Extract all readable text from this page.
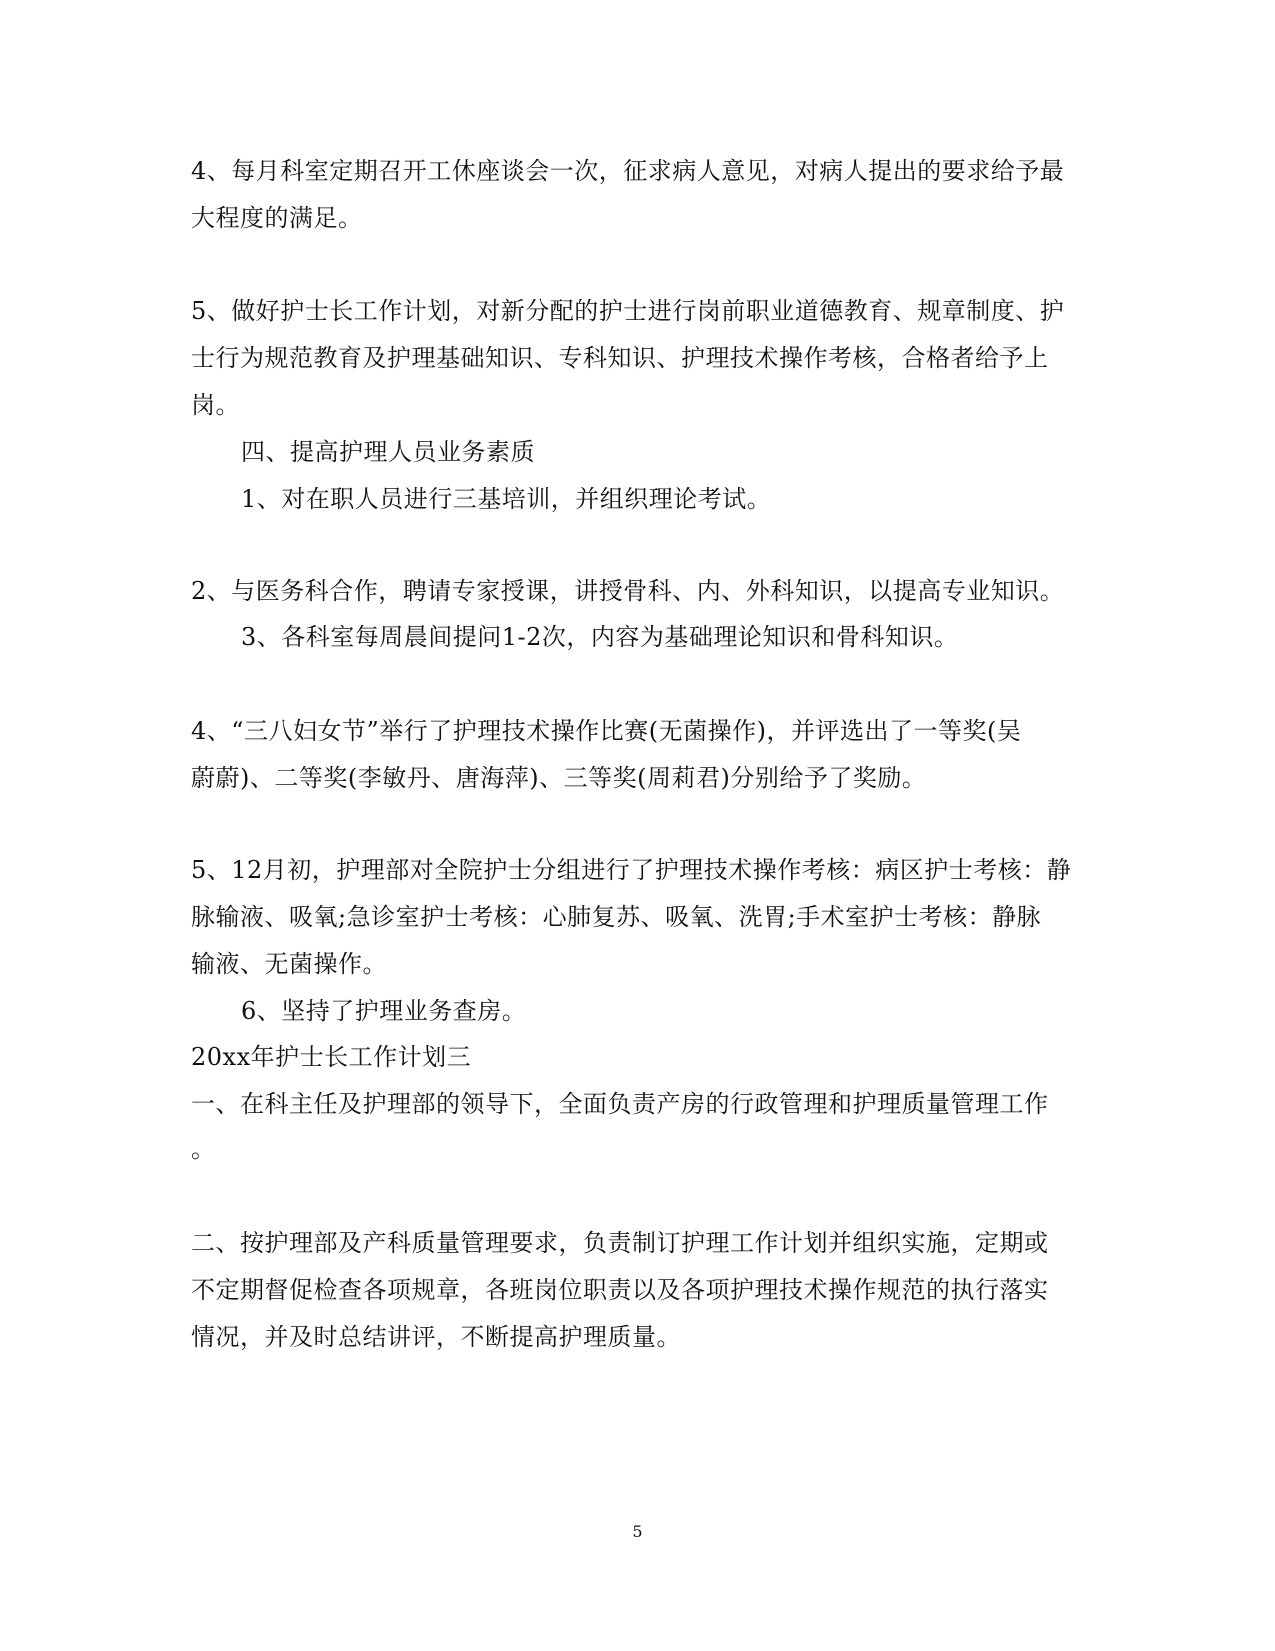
4、每月科室定期召开工休座谈会一次，征求病人意见，对病人提出的要求给予最
大程度的满足。
5、做好护士长工作计划，对新分配的护士进行岗前职业道德教育、规章制度、护
士行为规范教育及护理基础知识、专科知识、护理技术操作考核，合格者给予上
岗。
四、提高护理人员业务素质
1、对在职人员进行三基培训，并组织理论考试。
2、与医务科合作，聘请专家授课，讲授骨科、内、外科知识，以提高专业知识。
3、各科室每周晨间提问1-2次，内容为基础理论知识和骨科知识。
4、“三八妇女节”举行了护理技术操作比赛(无菌操作)，并评选出了一等奖(吴
蔚蔚)、二等奖(李敏丹、唐海萍)、三等奖(周莉君)分别给予了奖励。
5、12月初，护理部对全院护士分组进行了护理技术操作考核：病区护士考核：静
脉输液、吸氧;急诊室护士考核：心肺复苏、吸氧、洗胃;手术室护士考核：静脉
输液、无菌操作。
6、坚持了护理业务查房。
20xx年护士长工作计划三
一、在科主任及护理部的领导下，全面负责产房的行政管理和护理质量管理工作
。
二、按护理部及产科质量管理要求，负责制订护理工作计划并组织实施，定期或
不定期督促检查各项规章，各班岗位职责以及各项护理技术操作规范的执行落实
情况，并及时总结讲评，不断提高护理质量。
5
